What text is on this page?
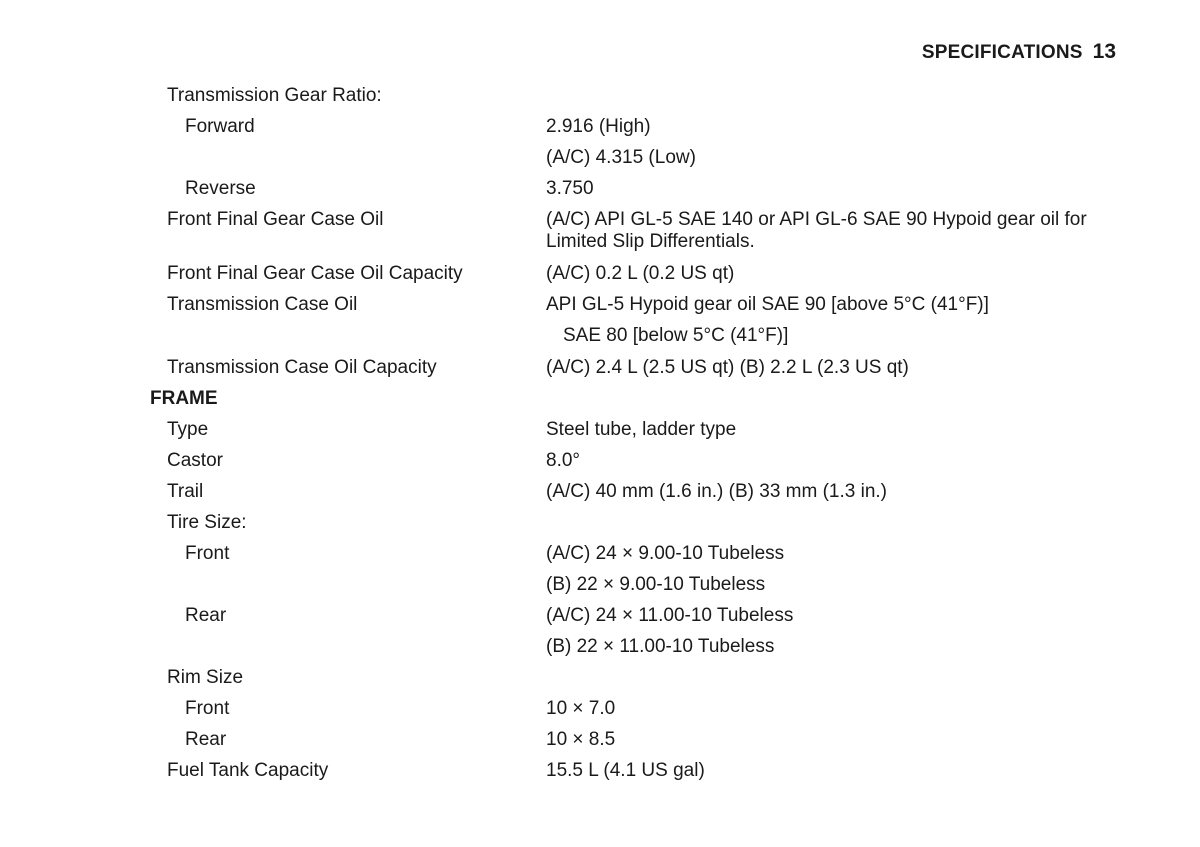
SPECIFICATIONS 13
Transmission Gear Ratio:
Forward	2.916 (High)
(A/C) 4.315 (Low)
Reverse	3.750
Front Final Gear Case Oil	(A/C) API GL-5 SAE 140 or API GL-6 SAE 90 Hypoid gear oil for Limited Slip Differentials.
Front Final Gear Case Oil Capacity	(A/C) 0.2 L (0.2 US qt)
Transmission Case Oil	API GL-5 Hypoid gear oil SAE 90 [above 5°C (41°F)]
SAE 80 [below 5°C (41°F)]
Transmission Case Oil Capacity	(A/C) 2.4 L (2.5 US qt) (B) 2.2 L (2.3 US qt)
FRAME
Type	Steel tube, ladder type
Castor	8.0°
Trail	(A/C) 40 mm (1.6 in.) (B) 33 mm (1.3 in.)
Tire Size:
Front	(A/C) 24 × 9.00-10 Tubeless
(B) 22 × 9.00-10 Tubeless
Rear	(A/C) 24 × 11.00-10 Tubeless
(B) 22 × 11.00-10 Tubeless
Rim Size
Front	10 × 7.0
Rear	10 × 8.5
Fuel Tank Capacity	15.5 L (4.1 US gal)
